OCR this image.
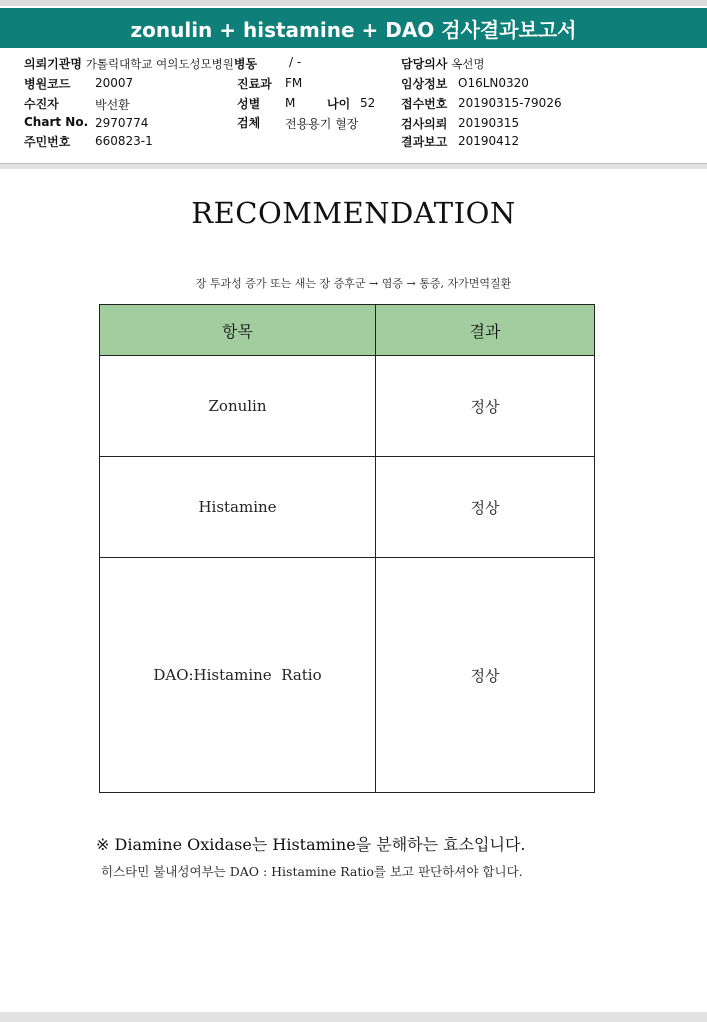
zonulin + histamine + DAO 검사결과보고서
의뢰기관명 가톨릭대학교 여의도성모병원병동	/ -	담당의사 옥선명
병원코드 20007	진료과 FM	임상정보 O16LN0320
수진자	박선환	성별 M	나이 52 접수번호 20190315-79026
Chart No. 2970774	검체 전용용기 혈장	검사의뢰 20190315
주민번호 660823-1	결과보고 20190412
RECOMMENDATION
장 투과성 증가 또는 새는 장 증후군 → 염증 → 통증, 자가면역질환
항목	결과
Zonulin	정상
Histamine	정상
DAO:Histamine  Ratio	정상
※ Diamine Oxidase는 Histamine을 분해하는 효소입니다.
히스타민 불내성여부는 DAO : Histamine Ratio를 보고 판단하셔야 합니다.
